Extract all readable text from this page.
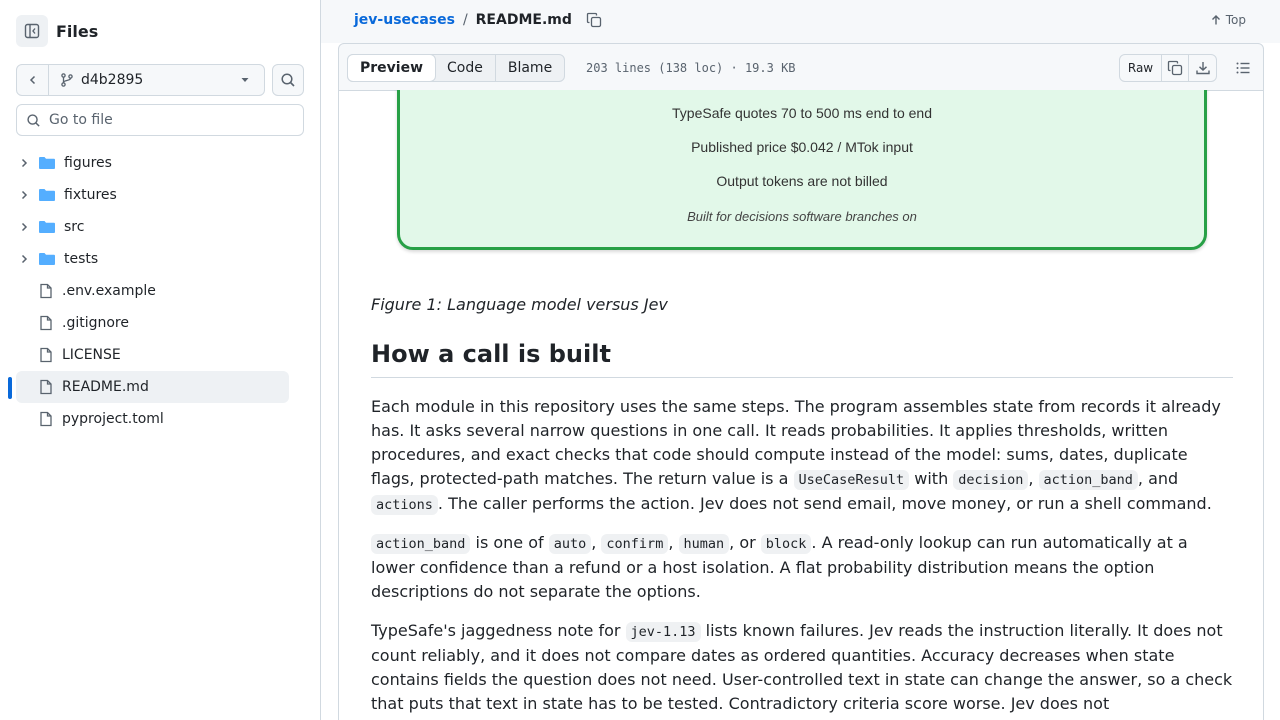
Files
d4b2895
Go to file
figures
fixtures
src
tests
.env.example
.gitignore
LICENSE
README.md
pyproject.toml
jev-usecases / README.md	Top
Preview	Code	Blame	203 lines (138 loc) · 19.3 KB	Raw
TypeSafe quotes 70 to 500 ms end to end
Published price $0.042 / MTok input
Output tokens are not billed
Built for decisions software branches on
Figure 1: Language model versus Jev
How a call is built
Each module in this repository uses the same steps. The program assembles state from records it already has. It asks several narrow questions in one call. It reads probabilities. It applies thresholds, written procedures, and exact checks that code should compute instead of the model: sums, dates, duplicate flags, protected-path matches. The return value is a UseCaseResult with decision , action_band , and actions . The caller performs the action. Jev does not send email, move money, or run a shell command.
action_band is one of auto , confirm , human , or block . A read-only lookup can run automatically at a lower confidence than a refund or a host isolation. A flat probability distribution means the option descriptions do not separate the options.
TypeSafe's jaggedness note for jev-1.13 lists known failures. Jev reads the instruction literally. It does not count reliably, and it does not compare dates as ordered quantities. Accuracy decreases when state contains fields the question does not need. User-controlled text in state can change the answer, so a check that puts that text in state has to be tested. Contradictory criteria score worse. Jev does not
